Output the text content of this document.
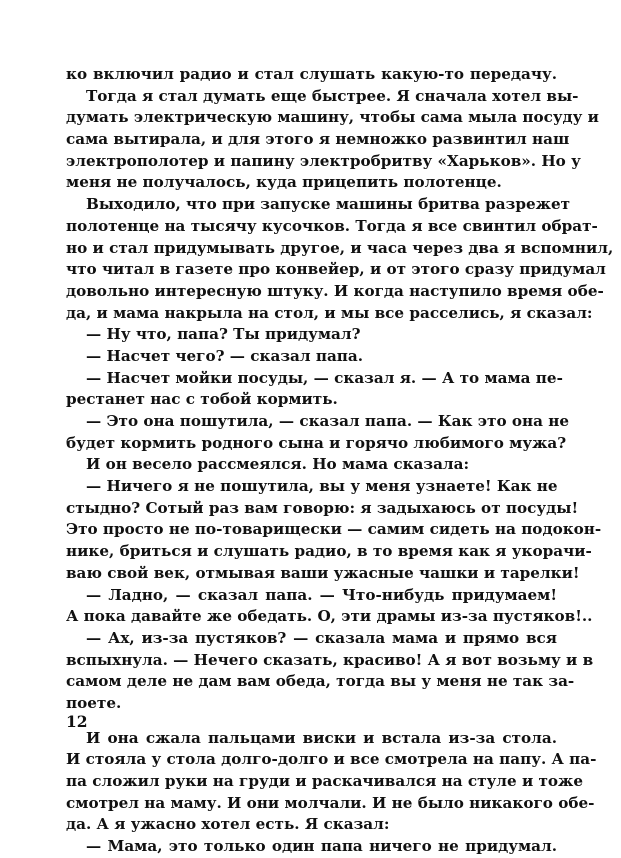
ко включил радио и стал слушать какую-то передачу.
Тогда я стал думать еще быстрее. Я сначала хотел вы-
думать электрическую машину, чтобы сама мыла посуду и
сама вытирала, и для этого я немножко развинтил наш
электрополотер и папину электробритву «Харьков». Но у
меня не получалось, куда прицепить полотенце.
Выходило, что при запуске машины бритва разрежет
полотенце на тысячу кусочков. Тогда я все свинтил обрат-
но и стал придумывать другое, и часа через два я вспомнил,
что читал в газете про конвейер, и от этого сразу придумал
довольно интересную штуку. И когда наступило время обе-
да, и мама накрыла на стол, и мы все расселись, я сказал:
— Ну что, папа? Ты придумал?
— Насчет чего? — сказал папа.
— Насчет мойки посуды, — сказал я. — А то мама пе-
рестанет нас с тобой кормить.
— Это она пошутила, — сказал папа. — Как это она не
будет кормить родного сына и горячо любимого мужа?
И он весело рассмеялся. Но мама сказала:
— Ничего я не пошутила, вы у меня узнаете! Как не
стыдно? Сотый раз вам говорю: я задыхаюсь от посуды!
Это просто не по-товарищески — самим сидеть на подокон-
нике, бриться и слушать радио, в то время как я укорачи-
ваю свой век, отмывая ваши ужасные чашки и тарелки!
— Ладно, — сказал папа. — Что-нибудь придумаем!
А пока давайте же обедать. О, эти драмы из-за пустяков!..
— Ах, из-за пустяков? — сказала мама и прямо вся
вспыхнула. — Нечего сказать, красиво! А я вот возьму и в
самом деле не дам вам обеда, тогда вы у меня не так за-
поете.
И она сжала пальцами виски и встала из-за стола.
И стояла у стола долго-долго и все смотрела на папу. А па-
па сложил руки на груди и раскачивался на стуле и тоже
смотрел на маму. И они молчали. И не было никакого обе-
да. А я ужасно хотел есть. Я сказал:
— Мама, это только один папа ничего не придумал.
12
